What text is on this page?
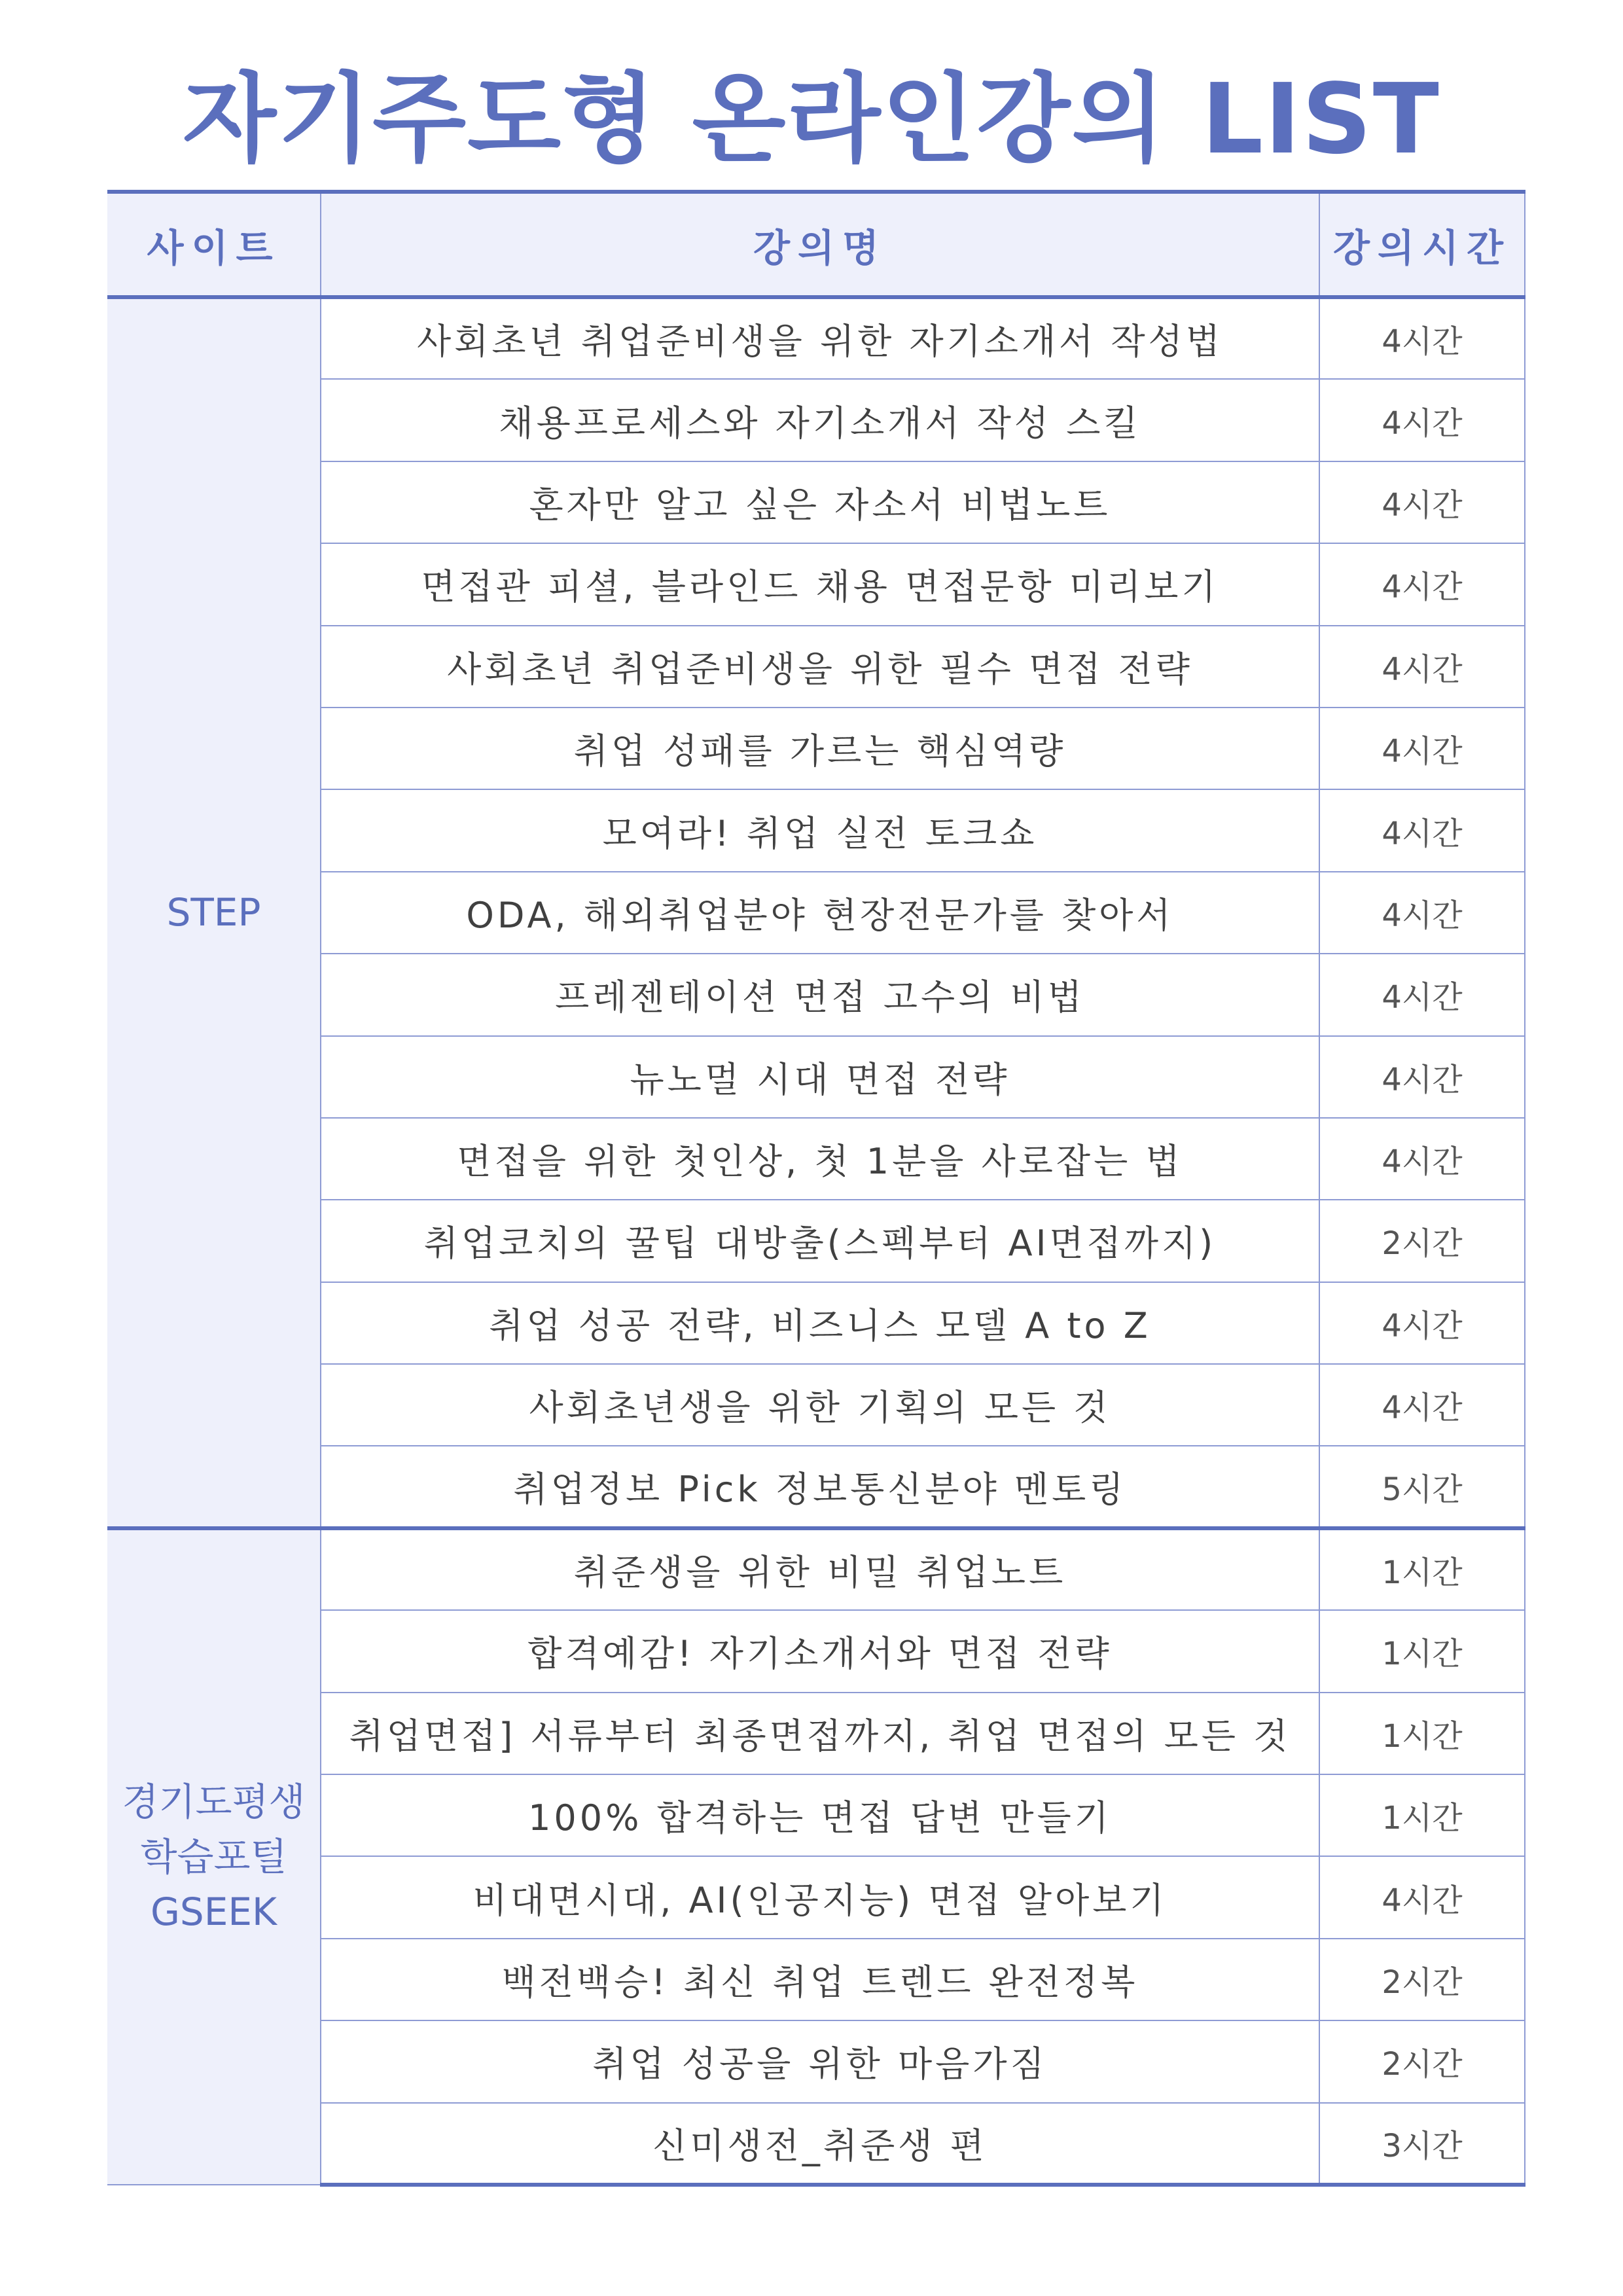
자기주도형 온라인강의 LIST
사이트	강의명	강의시간

STEP	사회초년 취업준비생을 위한 자기소개서 작성법	4시간
	채용프로세스와 자기소개서 작성 스킬	4시간
	혼자만 알고 싶은 자소서 비법노트	4시간
	면접관 피셜, 블라인드 채용 면접문항 미리보기	4시간
	사회초년 취업준비생을 위한 필수 면접 전략	4시간
	취업 성패를 가르는 핵심역량	4시간
	모여라! 취업 실전 토크쇼	4시간
	ODA, 해외취업분야 현장전문가를 찾아서	4시간
	프레젠테이션 면접 고수의 비법	4시간
	뉴노멀 시대 면접 전략	4시간
	면접을 위한 첫인상, 첫 1분을 사로잡는 법	4시간
	취업코치의 꿀팁 대방출(스펙부터 AI면접까지)	2시간
	취업 성공 전략, 비즈니스 모델 A to Z	4시간
	사회초년생을 위한 기획의 모든 것	4시간
	취업정보 Pick 정보통신분야 멘토링	5시간

경기도평생
학습포털
GSEEK	취준생을 위한 비밀 취업노트	1시간
	합격예감! 자기소개서와 면접 전략	1시간
	취업면접] 서류부터 최종면접까지, 취업 면접의 모든 것	1시간
	100% 합격하는 면접 답변 만들기	1시간
	비대면시대, AI(인공지능) 면접 알아보기	4시간
	백전백승! 최신 취업 트렌드 완전정복	2시간
	취업 성공을 위한 마음가짐	2시간
	신미생전_취준생 편	3시간
